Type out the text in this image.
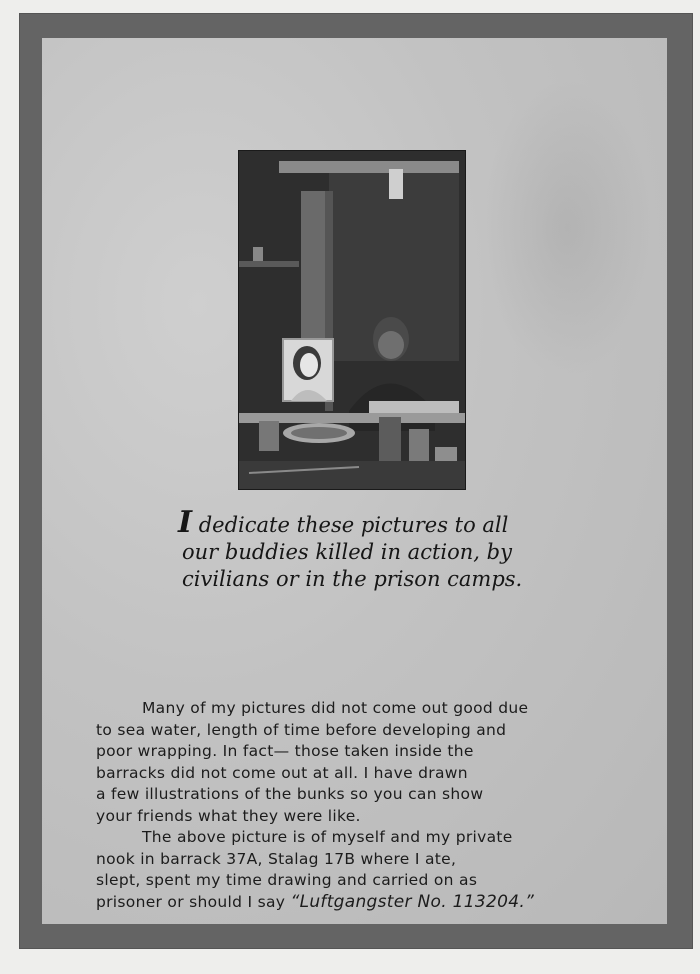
I dedicate these pictures to all
our buddies killed in action, by
civilians or in the prison camps.
Many of my pictures did not come out good due
to sea water, length of time before developing and
poor wrapping. In fact— those taken inside the
barracks did not come out at all. I have drawn
a few illustrations of the bunks so you can show
your friends what they were like.
The above picture is of myself and my private
nook in barrack 37A, Stalag 17B where I ate,
slept, spent my time drawing and carried on as
prisoner or should I say “Luftgangster No. 113204.”
